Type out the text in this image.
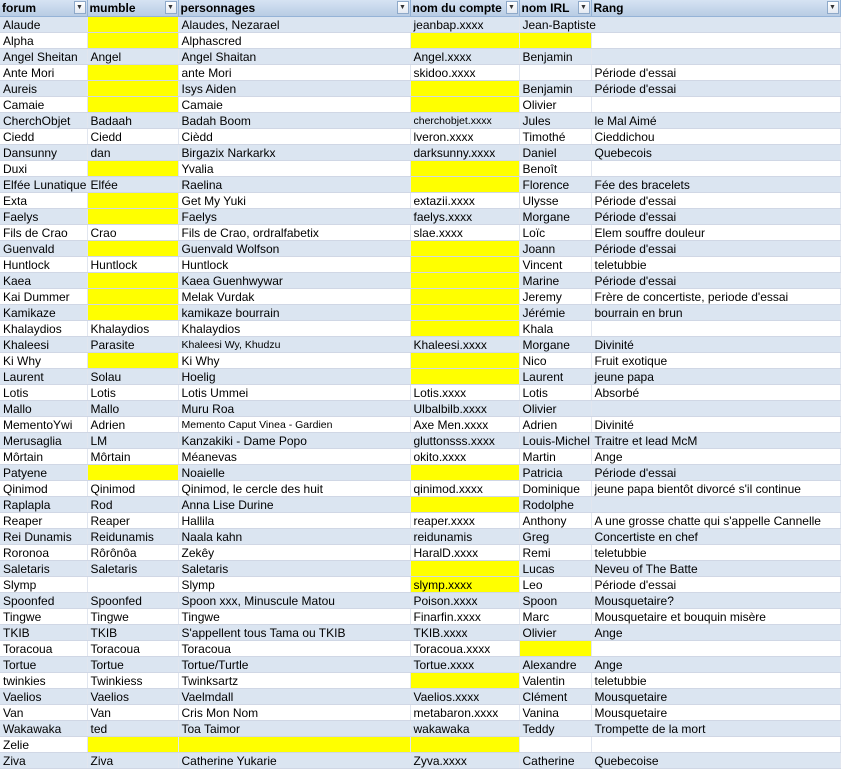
forum ▼	mumble ▼	personnages ▼	nom du compte ▼	nom IRL ▼	Rang ▼

Alaude		Alaudes, Nezarael	jeanbap.xxxx	Jean-Baptiste	
Alpha		Alphascred			
Angel Sheitan	Angel	Angel Shaitan	Angel.xxxx	Benjamin	
Ante Mori		ante Mori	skidoo.xxxx		Période d'essai
Aureis		Isys Aiden		Benjamin	Période d'essai
Camaie		Camaie		Olivier	
CherchObjet	Badaah	Badah Boom	cherchobjet.xxxx	Jules	le Mal Aimé
Ciedd	Ciedd	Cièdd	lveron.xxxx	Timothé	Cieddichou
Dansunny	dan	Birgazix Narkarkx	darksunny.xxxx	Daniel	Quebecois
Duxi		Yvalia		Benoît	
Elfée Lunatique	Elfée	Raelina		Florence	Fée des bracelets
Exta		Get My Yuki	extazii.xxxx	Ulysse	Période d'essai
Faelys		Faelys	faelys.xxxx	Morgane	Période d'essai
Fils de Crao	Crao	Fils de Crao, ordralfabetix	slae.xxxx	Loïc	Elem souffre douleur
Guenvald		Guenvald Wolfson		Joann	Période d'essai
Huntlock	Huntlock	Huntlock		Vincent	teletubbie
Kaea		Kaea Guenhwywar		Marine	Période d'essai
Kai Dummer		Melak Vurdak		Jeremy	Frère de concertiste, periode d'essai
Kamikaze		kamikaze bourrain		Jérémie	bourrain en brun
Khalaydios	Khalaydios	Khalaydios		Khala	
Khaleesi	Parasite	Khaleesi Wy, Khudzu	Khaleesi.xxxx	Morgane	Divinité
Ki Why		Ki Why		Nico	Fruit exotique
Laurent	Solau	Hoelig		Laurent	jeune papa
Lotis	Lotis	Lotis Ummei	Lotis.xxxx	Lotis	Absorbé
Mallo	Mallo	Muru Roa	Ulbalbilb.xxxx	Olivier	
MementoYwi	Adrien	Memento Caput Vinea - Gardien	Axe Men.xxxx	Adrien	Divinité
Merusaglia	LM	Kanzakiki - Dame Popo	gluttonsss.xxxx	Louis-Michel	Traitre et lead McM
Môrtain	Môrtain	Méanevas	okito.xxxx	Martin	Ange
Patyene		Noaielle		Patricia	Période d'essai
Qinimod	Qinimod	Qinimod, le cercle des huit	qinimod.xxxx	Dominique	jeune papa bientôt divorcé s'il continue
Raplapla	Rod	Anna Lise Durine		Rodolphe	
Reaper	Reaper	Hallila	reaper.xxxx	Anthony	A une grosse chatte qui s'appelle Cannelle
Rei Dunamis	Reidunamis	Naala kahn	reidunamis	Greg	Concertiste en chef
Roronoa	Rôrônôa	Zekêy	HaralD.xxxx	Remi	teletubbie
Saletaris	Saletaris	Saletaris		Lucas	Neveu of The Batte
Slymp		Slymp	slymp.xxxx	Leo	Période d'essai
Spoonfed	Spoonfed	Spoon xxx, Minuscule Matou	Poison.xxxx	Spoon	Mousquetaire?
Tingwe	Tingwe	Tingwe	Finarfin.xxxx	Marc	Mousquetaire et bouquin misère
TKIB	TKIB	S'appellent tous Tama ou TKIB	TKIB.xxxx	Olivier	Ange
Toracoua	Toracoua	Toracoua	Toracoua.xxxx		
Tortue	Tortue	Tortue/Turtle	Tortue.xxxx	Alexandre	Ange
twinkies	Twinkiess	Twinksartz		Valentin	teletubbie
Vaelios	Vaelios	Vaelmdall	Vaelios.xxxx	Clément	Mousquetaire
Van	Van	Cris Mon Nom	metabaron.xxxx	Vanina	Mousquetaire
Wakawaka	ted	Toa Taimor	wakawaka	Teddy	Trompette de la mort
Zelie					
Ziva	Ziva	Catherine Yukarie	Zyva.xxxx	Catherine	Quebecoise
